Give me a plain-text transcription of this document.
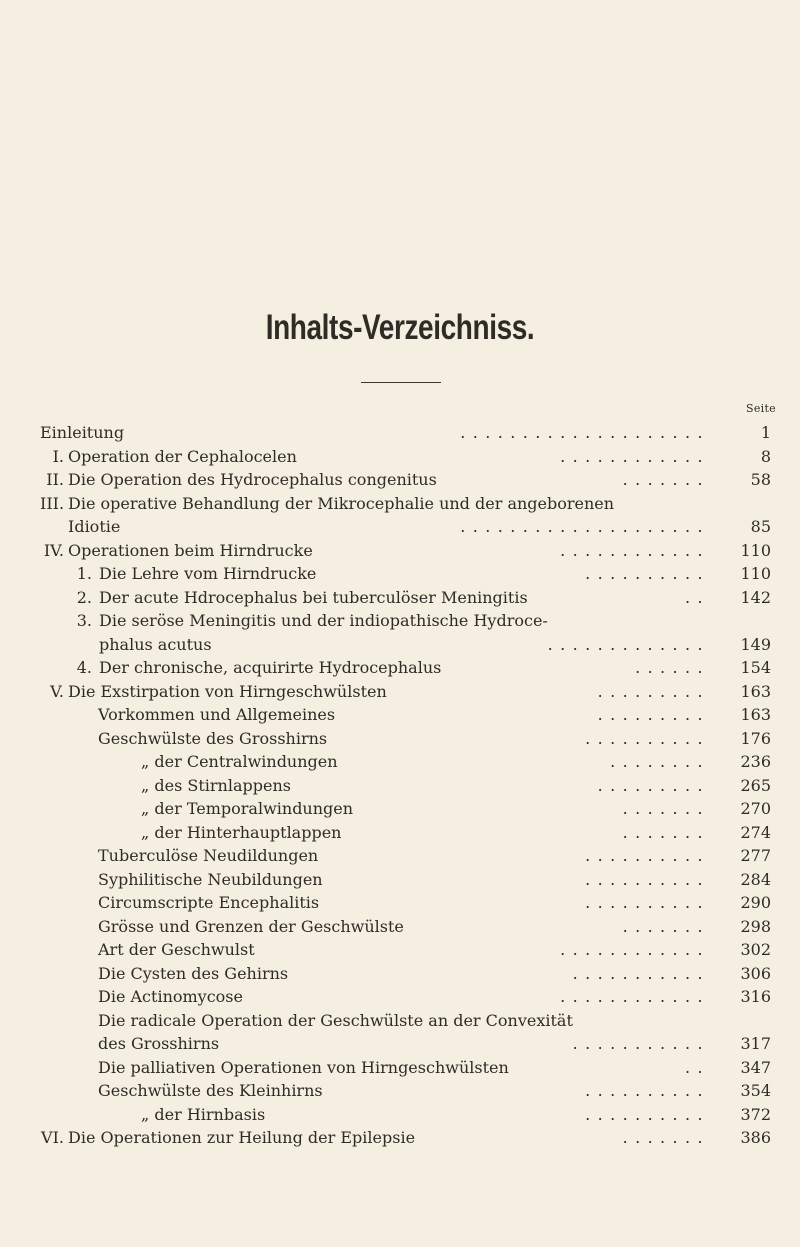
Inhalts-Verzeichniss.
Seite
Einleitung	....................	1
I. Operation der Cephalocelen	............	8
II. Die Operation des Hydrocephalus congenitus	.......	58
III. Die operative Behandlung der Mikrocephalie und der angeborenen
Idiotie	....................	85
IV. Operationen beim Hirndrucke	............	110
1. Die Lehre vom Hirndrucke	..........	110
2. Der acute Hdrocephalus bei tuberculöser Meningitis	..	142
3. Die seröse Meningitis und der indiopathische Hydroce-
phalus acutus	.............	149
4. Der chronische, acquirirte Hydrocephalus	......	154
V. Die Exstirpation von Hirngeschwülsten	.........	163
Vorkommen und Allgemeines	.........	163
Geschwülste des Grosshirns	..........	176
„ der Centralwindungen	........	236
„ des Stirnlappens	.........	265
„ der Temporalwindungen	.......	270
„ der Hinterhauptlappen	.......	274
Tuberculöse Neudildungen	..........	277
Syphilitische Neubildungen	..........	284
Circumscripte Encephalitis	..........	290
Grösse und Grenzen der Geschwülste	.......	298
Art der Geschwulst	............	302
Die Cysten des Gehirns	...........	306
Die Actinomycose	............	316
Die radicale Operation der Geschwülste an der Convexität
des Grosshirns	...........	317
Die palliativen Operationen von Hirngeschwülsten	..	347
Geschwülste des Kleinhirns	..........	354
„ der Hirnbasis	..........	372
VI. Die Operationen zur Heilung der Epilepsie	.......	386
